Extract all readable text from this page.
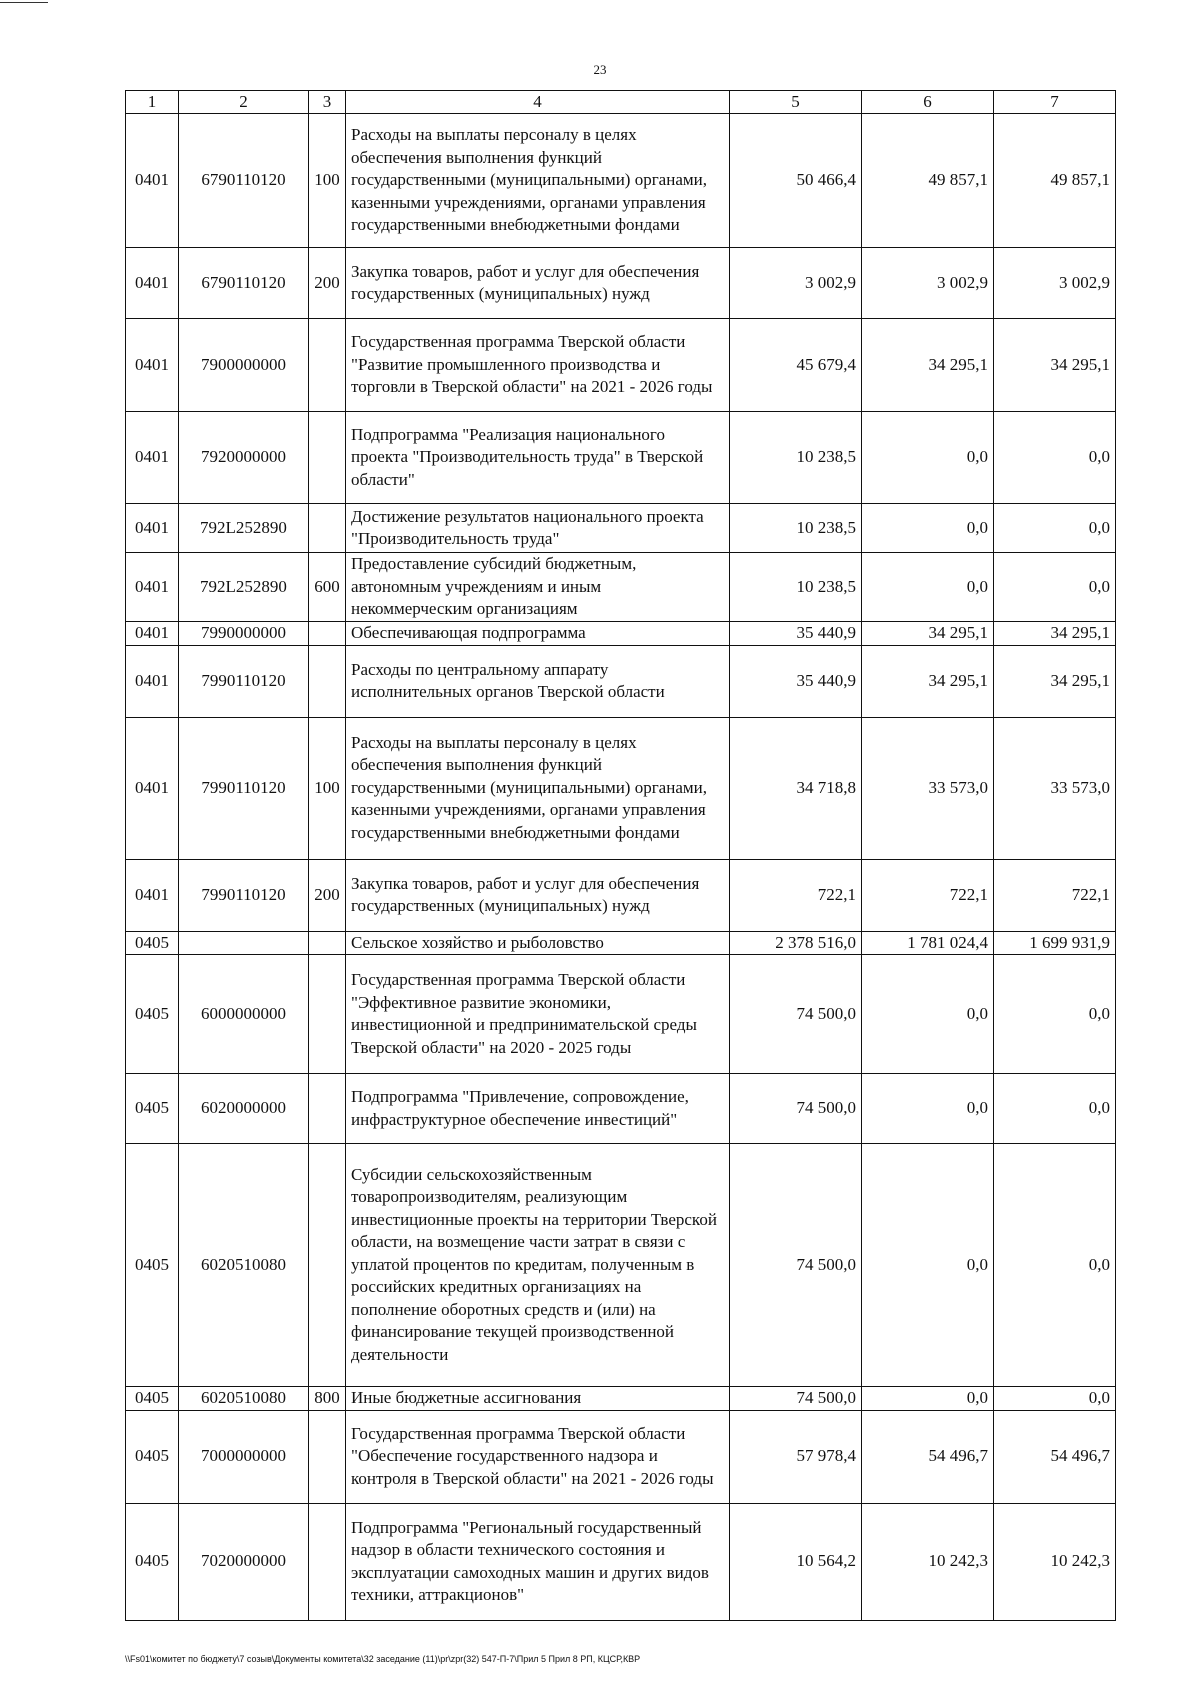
23
1	2	3	4	5	6	7
0401	6790110120	100	Расходы на выплаты персоналу в целях обеспечения выполнения функций государственными (муниципальными) органами, казенными учреждениями, органами управления государственными внебюджетными фондами	50 466,4	49 857,1	49 857,1
0401	6790110120	200	Закупка товаров, работ и услуг для обеспечения государственных (муниципальных) нужд	3 002,9	3 002,9	3 002,9
0401	7900000000		Государственная программа Тверской области "Развитие промышленного производства и торговли в Тверской области" на 2021 - 2026 годы	45 679,4	34 295,1	34 295,1
0401	7920000000		Подпрограмма "Реализация национального проекта "Производительность труда" в Тверской области"	10 238,5	0,0	0,0
0401	792L252890		Достижение результатов национального проекта "Производительность труда"	10 238,5	0,0	0,0
0401	792L252890	600	Предоставление субсидий бюджетным, автономным учреждениям и иным некоммерческим организациям	10 238,5	0,0	0,0
0401	7990000000		Обеспечивающая подпрограмма	35 440,9	34 295,1	34 295,1
0401	7990110120		Расходы по центральному аппарату исполнительных органов Тверской области	35 440,9	34 295,1	34 295,1
0401	7990110120	100	Расходы на выплаты персоналу в целях обеспечения выполнения функций государственными (муниципальными) органами, казенными учреждениями, органами управления государственными внебюджетными фондами	34 718,8	33 573,0	33 573,0
0401	7990110120	200	Закупка товаров, работ и услуг для обеспечения государственных (муниципальных) нужд	722,1	722,1	722,1
0405			Сельское хозяйство и рыболовство	2 378 516,0	1 781 024,4	1 699 931,9
0405	6000000000		Государственная программа Тверской области "Эффективное развитие экономики, инвестиционной и предпринимательской среды Тверской области" на 2020 - 2025 годы	74 500,0	0,0	0,0
0405	6020000000		Подпрограмма "Привлечение, сопровождение, инфраструктурное обеспечение инвестиций"	74 500,0	0,0	0,0
0405	6020510080		Субсидии сельскохозяйственным товаропроизводителям, реализующим инвестиционные проекты на территории Тверской области, на возмещение части затрат в связи с уплатой процентов по кредитам, полученным в российских кредитных организациях на пополнение оборотных средств и (или) на финансирование текущей производственной деятельности	74 500,0	0,0	0,0
0405	6020510080	800	Иные бюджетные ассигнования	74 500,0	0,0	0,0
0405	7000000000		Государственная программа Тверской области "Обеспечение государственного надзора и контроля в Тверской области" на 2021 - 2026 годы	57 978,4	54 496,7	54 496,7
0405	7020000000		Подпрограмма "Региональный государственный надзор в области технического состояния и эксплуатации самоходных машин и других видов техники, аттракционов"	10 564,2	10 242,3	10 242,3
\\Fs01\комитет по бюджету\7 созыв\Документы комитета\32 заседание (11)\pr\zpr(32) 547-П-7\Прил 5 Прил 8 РП, КЦСР,КВР
